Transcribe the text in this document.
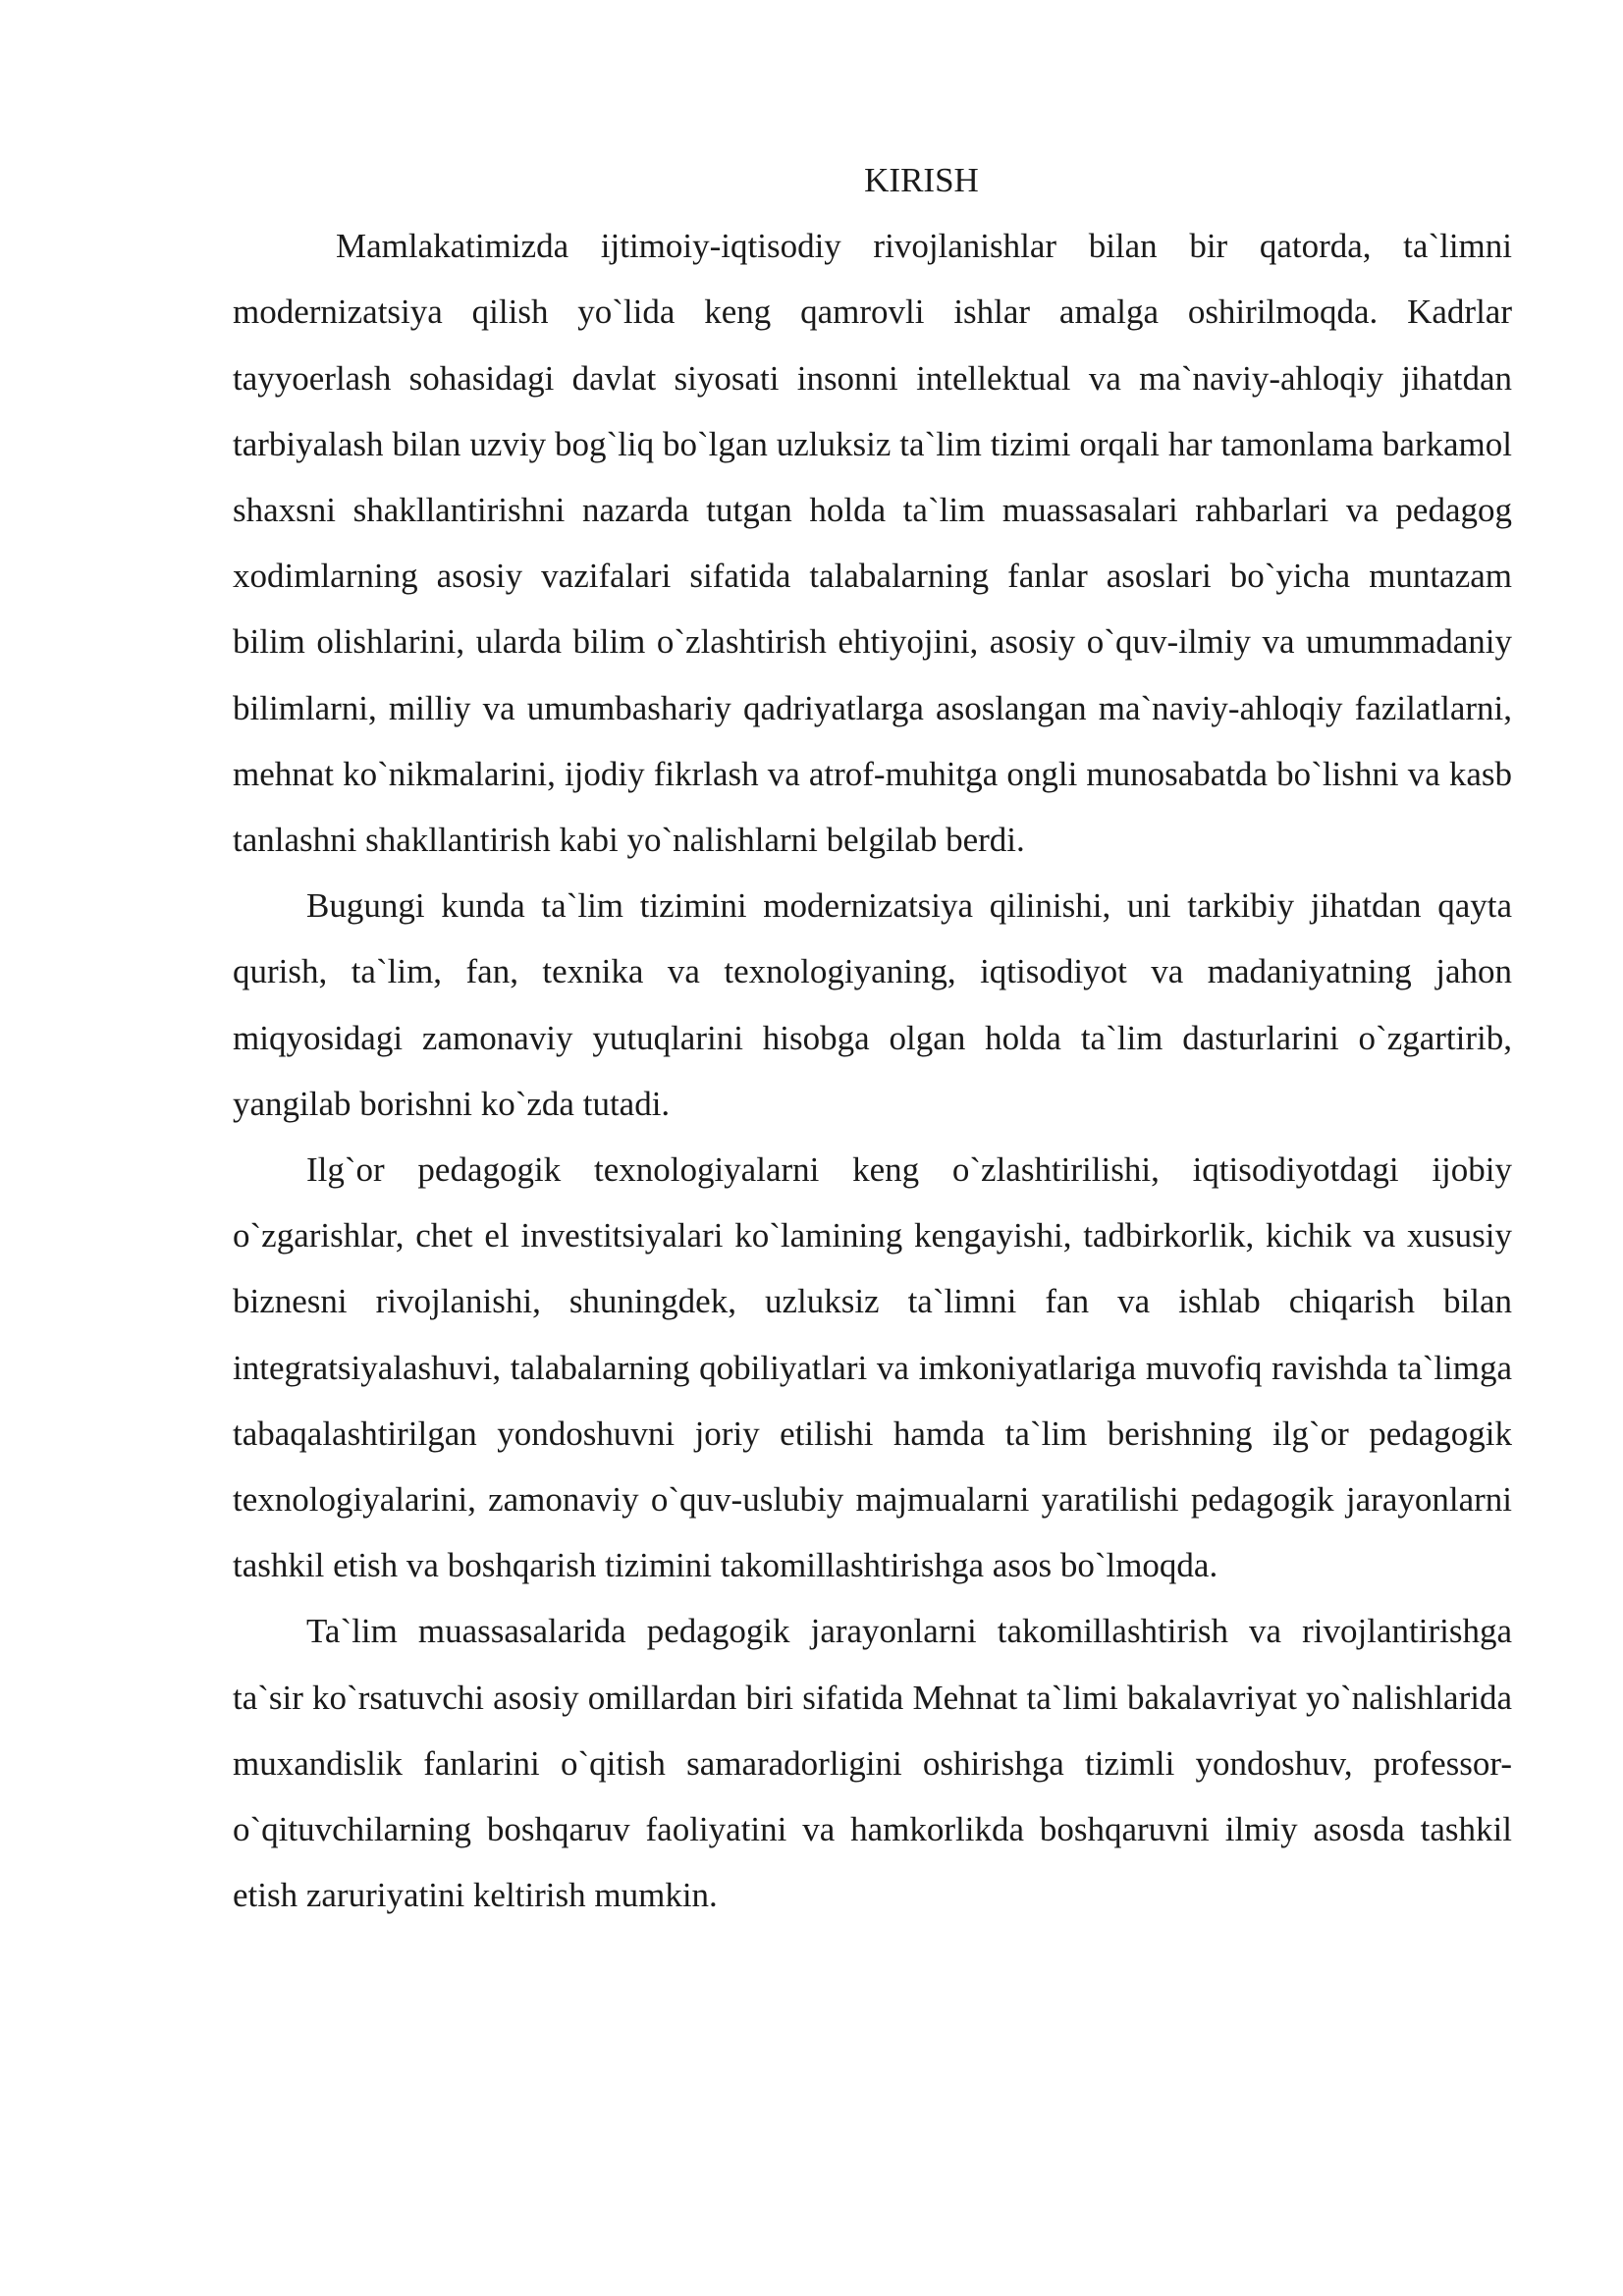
KIRISH

Mamlakatimizda ijtimoiy-iqtisodiy rivojlanishlar bilan bir qatorda, ta`limni modernizatsiya qilish yo`lida keng qamrovli ishlar amalga oshirilmoqda. Kadrlar tayyoerlash sohasidagi davlat siyosati insonni intellektual va ma`naviy-ahloqiy jihatdan tarbiyalash bilan uzviy bog`liq bo`lgan uzluksiz ta`lim tizimi orqali har tamonlama barkamol shaxsni shakllantirishni nazarda tutgan holda ta`lim muassasalari rahbarlari va pedagog xodimlarning asosiy vazifalari sifatida talabalarning fanlar asoslari bo`yicha muntazam bilim olishlarini, ularda bilim o`zlashtirish ehtiyojini, asosiy o`quv-ilmiy va umummadaniy bilimlarni, milliy va umumbashariy qadriyatlarga asoslangan ma`naviy-ahloqiy fazilatlarni, mehnat ko`nikmalarini, ijodiy fikrlash va atrof-muhitga ongli munosabatda bo`lishni va kasb tanlashni shakllantirish kabi yo`nalishlarni belgilab berdi.

Bugungi kunda ta`lim tizimini modernizatsiya qilinishi, uni tarkibiy jihatdan qayta qurish, ta`lim, fan, texnika va texnologiyaning, iqtisodiyot va madaniyatning jahon miqyosidagi zamonaviy yutuqlarini hisobga olgan holda ta`lim dasturlarini o`zgartirib, yangilab borishni ko`zda tutadi.

Ilg`or pedagogik texnologiyalarni keng o`zlashtirilishi, iqtisodiyotdagi ijobiy o`zgarishlar, chet el investitsiyalari ko`lamining kengayishi, tadbirkorlik, kichik va xususiy biznesni rivojlanishi, shuningdek, uzluksiz ta`limni fan va ishlab chiqarish bilan integratsiyalashuvi, talabalarning qobiliyatlari va imkoniyatlariga muvofiq ravishda ta`limga tabaqalashtirilgan yondoshuvni joriy etilishi hamda ta`lim berishning ilg`or pedagogik texnologiyalarini, zamonaviy o`quv-uslubiy majmualarni yaratilishi pedagogik jarayonlarni tashkil etish va boshqarish tizimini takomillashtirishga asos bo`lmoqda.

Ta`lim muassasalarida pedagogik jarayonlarni takomillashtirish va rivojlantirishga ta`sir ko`rsatuvchi asosiy omillardan biri sifatida Mehnat ta`limi bakalavriyat yo`nalishlarida muxandislik fanlarini o`qitish samaradorligini oshirishga tizimli yondoshuv, professor-o`qituvchilarning boshqaruv faoliyatini va hamkorlikda boshqaruvni ilmiy asosda tashkil etish zaruriyatini keltirish mumkin.
